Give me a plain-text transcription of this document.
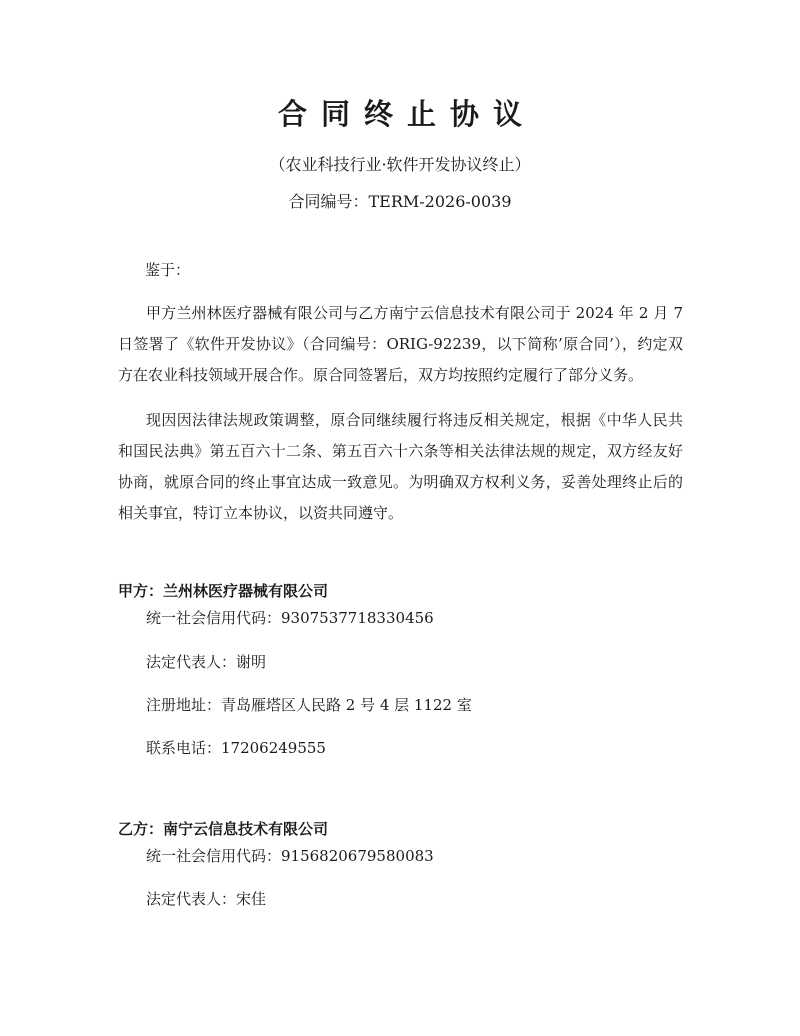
合同终止协议
（农业科技行业·软件开发协议终止）
合同编号：TERM-2026-0039
鉴于：
甲方兰州林医疗器械有限公司与乙方南宁云信息技术有限公司于 2024 年 2 月 7 日签署了《软件开发协议》（合同编号：ORIG-92239，以下简称’原合同’），约定双方在农业科技领域开展合作。原合同签署后，双方均按照约定履行了部分义务。
现因因法律法规政策调整，原合同继续履行将违反相关规定，根据《中华人民共和国民法典》第五百六十二条、第五百六十六条等相关法律法规的规定，双方经友好协商，就原合同的终止事宜达成一致意见。为明确双方权利义务，妥善处理终止后的相关事宜，特订立本协议，以资共同遵守。
甲方：兰州林医疗器械有限公司
统一社会信用代码：9307537718330456
法定代表人：谢明
注册地址：青岛雁塔区人民路 2 号 4 层 1122 室
联系电话：17206249555
乙方：南宁云信息技术有限公司
统一社会信用代码：9156820679580083
法定代表人：宋佳
